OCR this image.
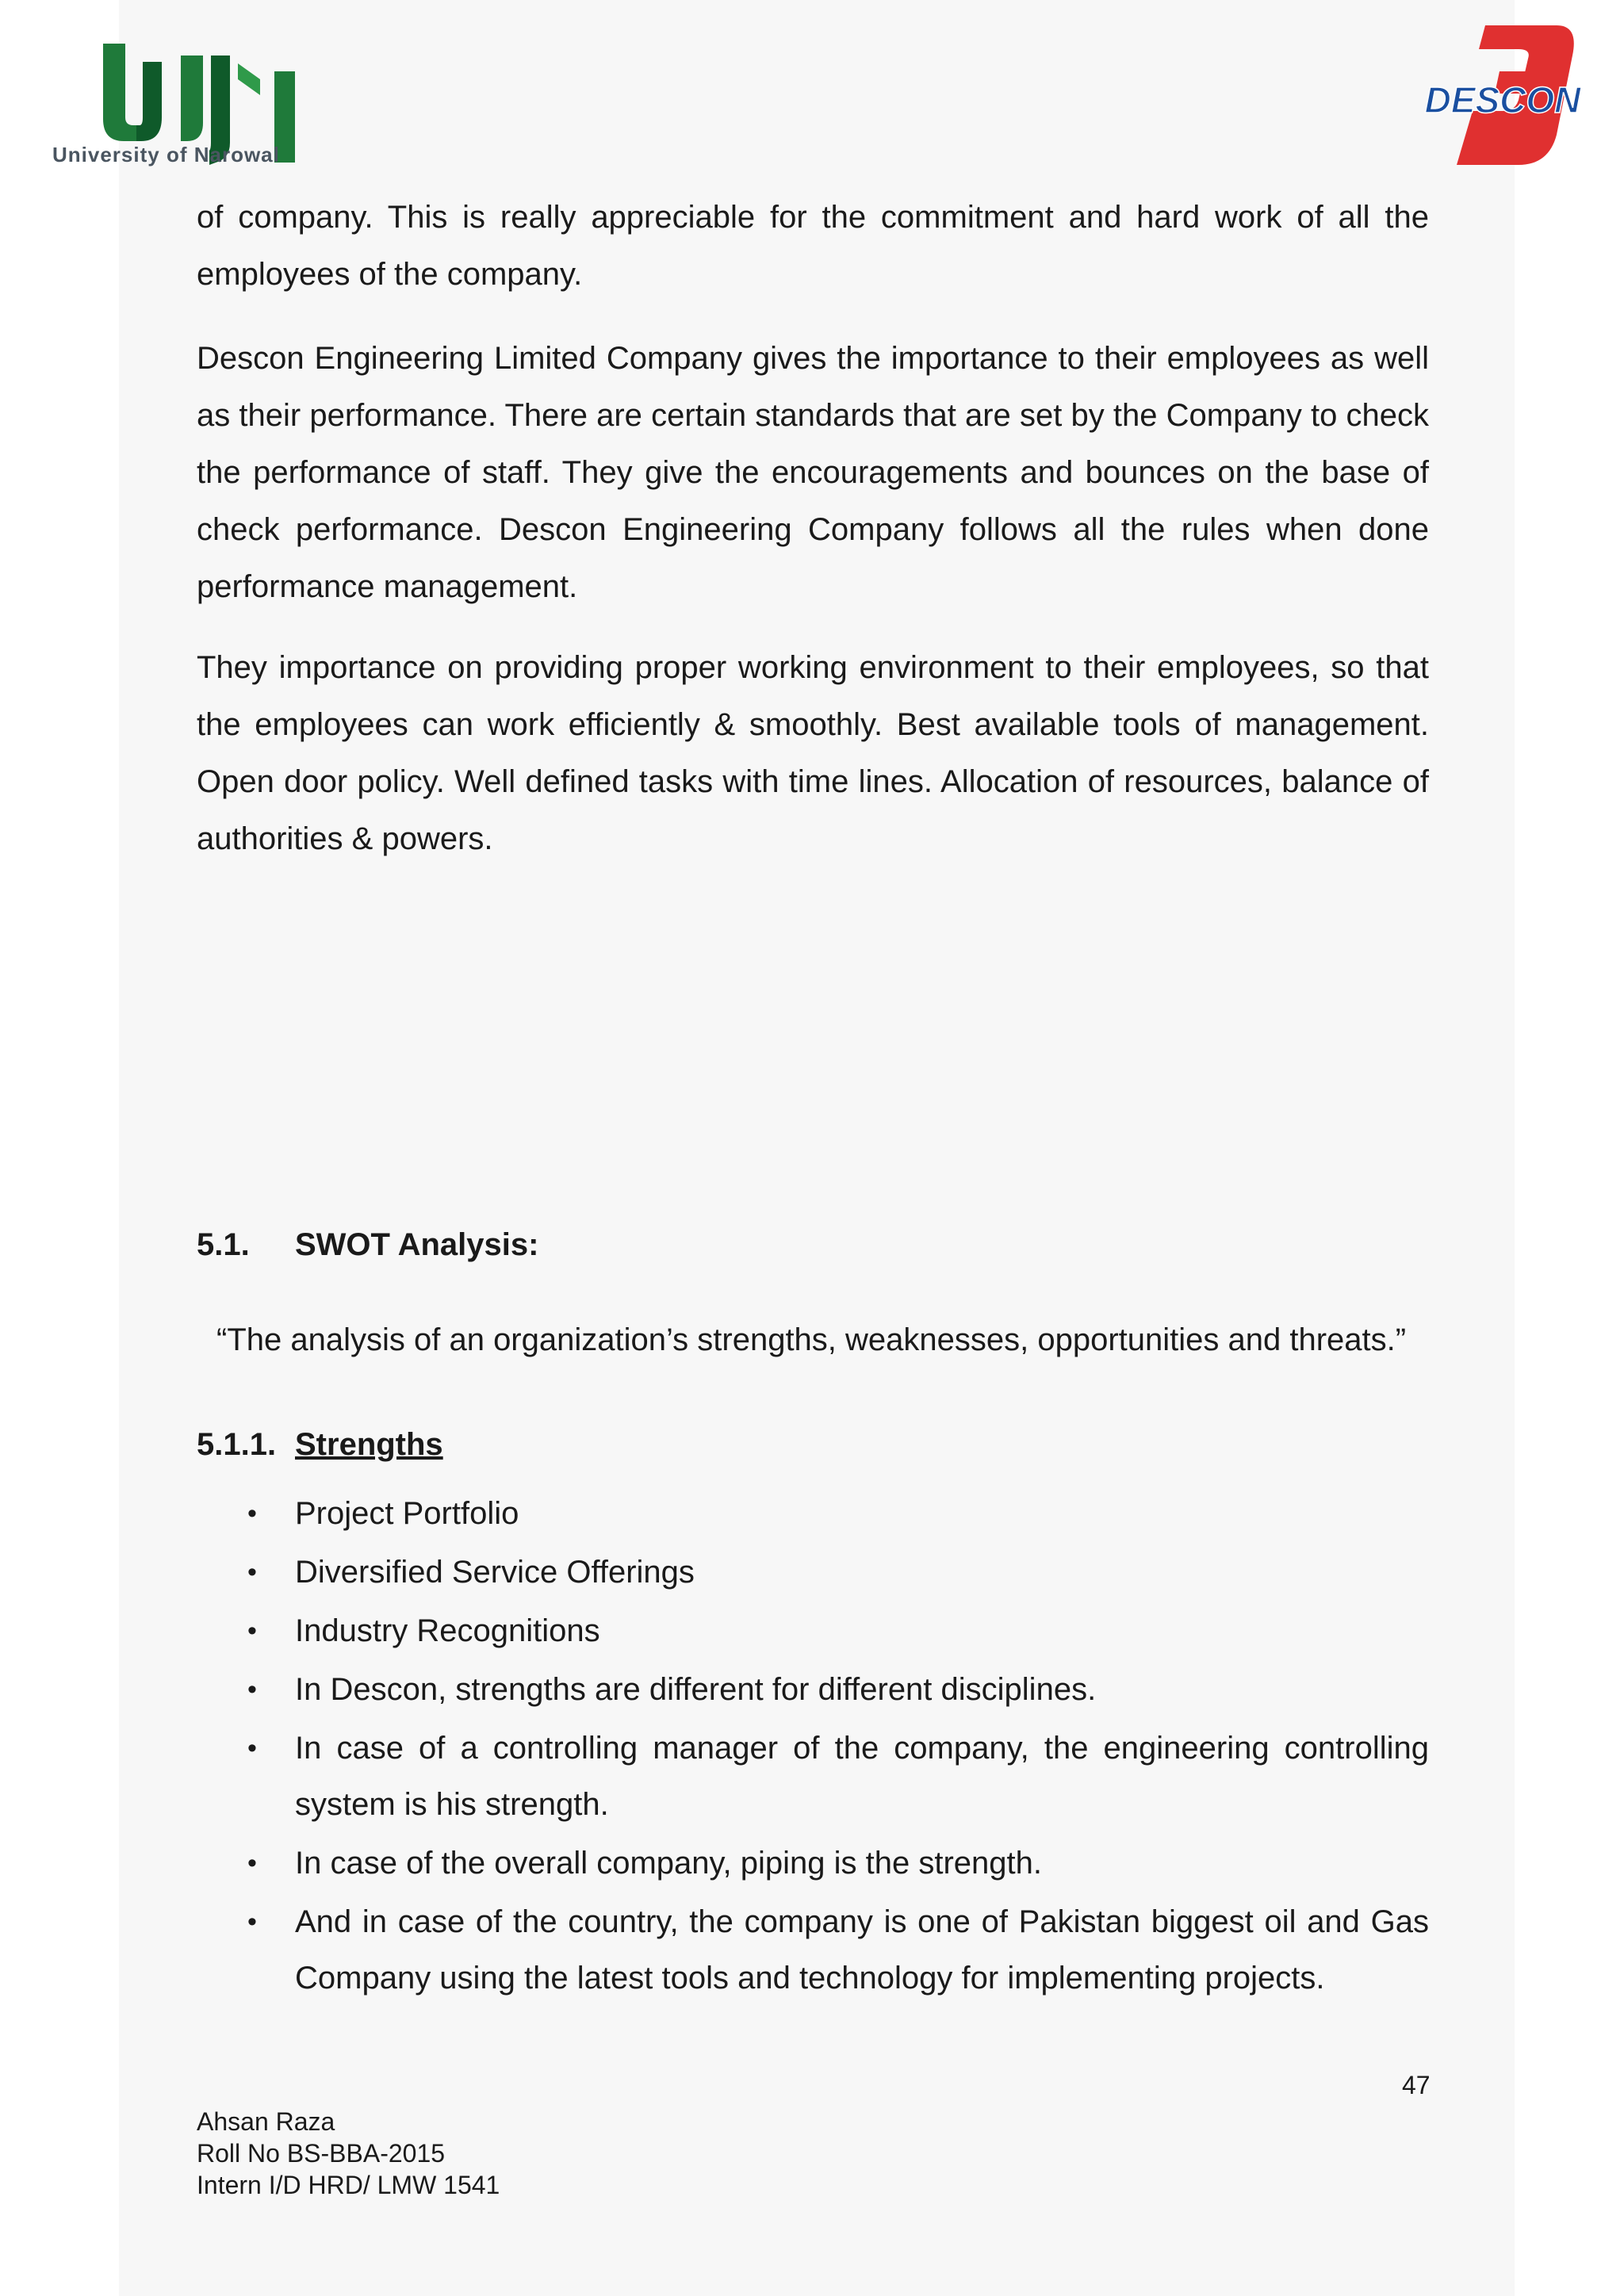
University of Narowal
DESCON
of company. This is really appreciable for the commitment and hard work of all the employees of the company.
Descon Engineering Limited Company gives the importance to their employees as well as their performance. There are certain standards that are set by the Company to check the performance of staff. They give the encouragements and bounces on the base of check performance. Descon Engineering Company follows all the rules when done performance management.
They importance on providing proper working environment to their employees, so that the employees can work efficiently & smoothly. Best available tools of management. Open door policy. Well defined tasks with time lines. Allocation of resources, balance of authorities & powers.
5.1. SWOT Analysis:
“The analysis of an organization’s strengths, weaknesses, opportunities and threats.”
5.1.1. Strengths
• Project Portfolio
• Diversified Service Offerings
• Industry Recognitions
• In Descon, strengths are different for different disciplines.
• In case of a controlling manager of the company, the engineering controlling system is his strength.
• In case of the overall company, piping is the strength.
• And in case of the country, the company is one of Pakistan biggest oil and Gas Company using the latest tools and technology for implementing projects.
47
Ahsan Raza
Roll No BS-BBA-2015
Intern I/D HRD/ LMW 1541
